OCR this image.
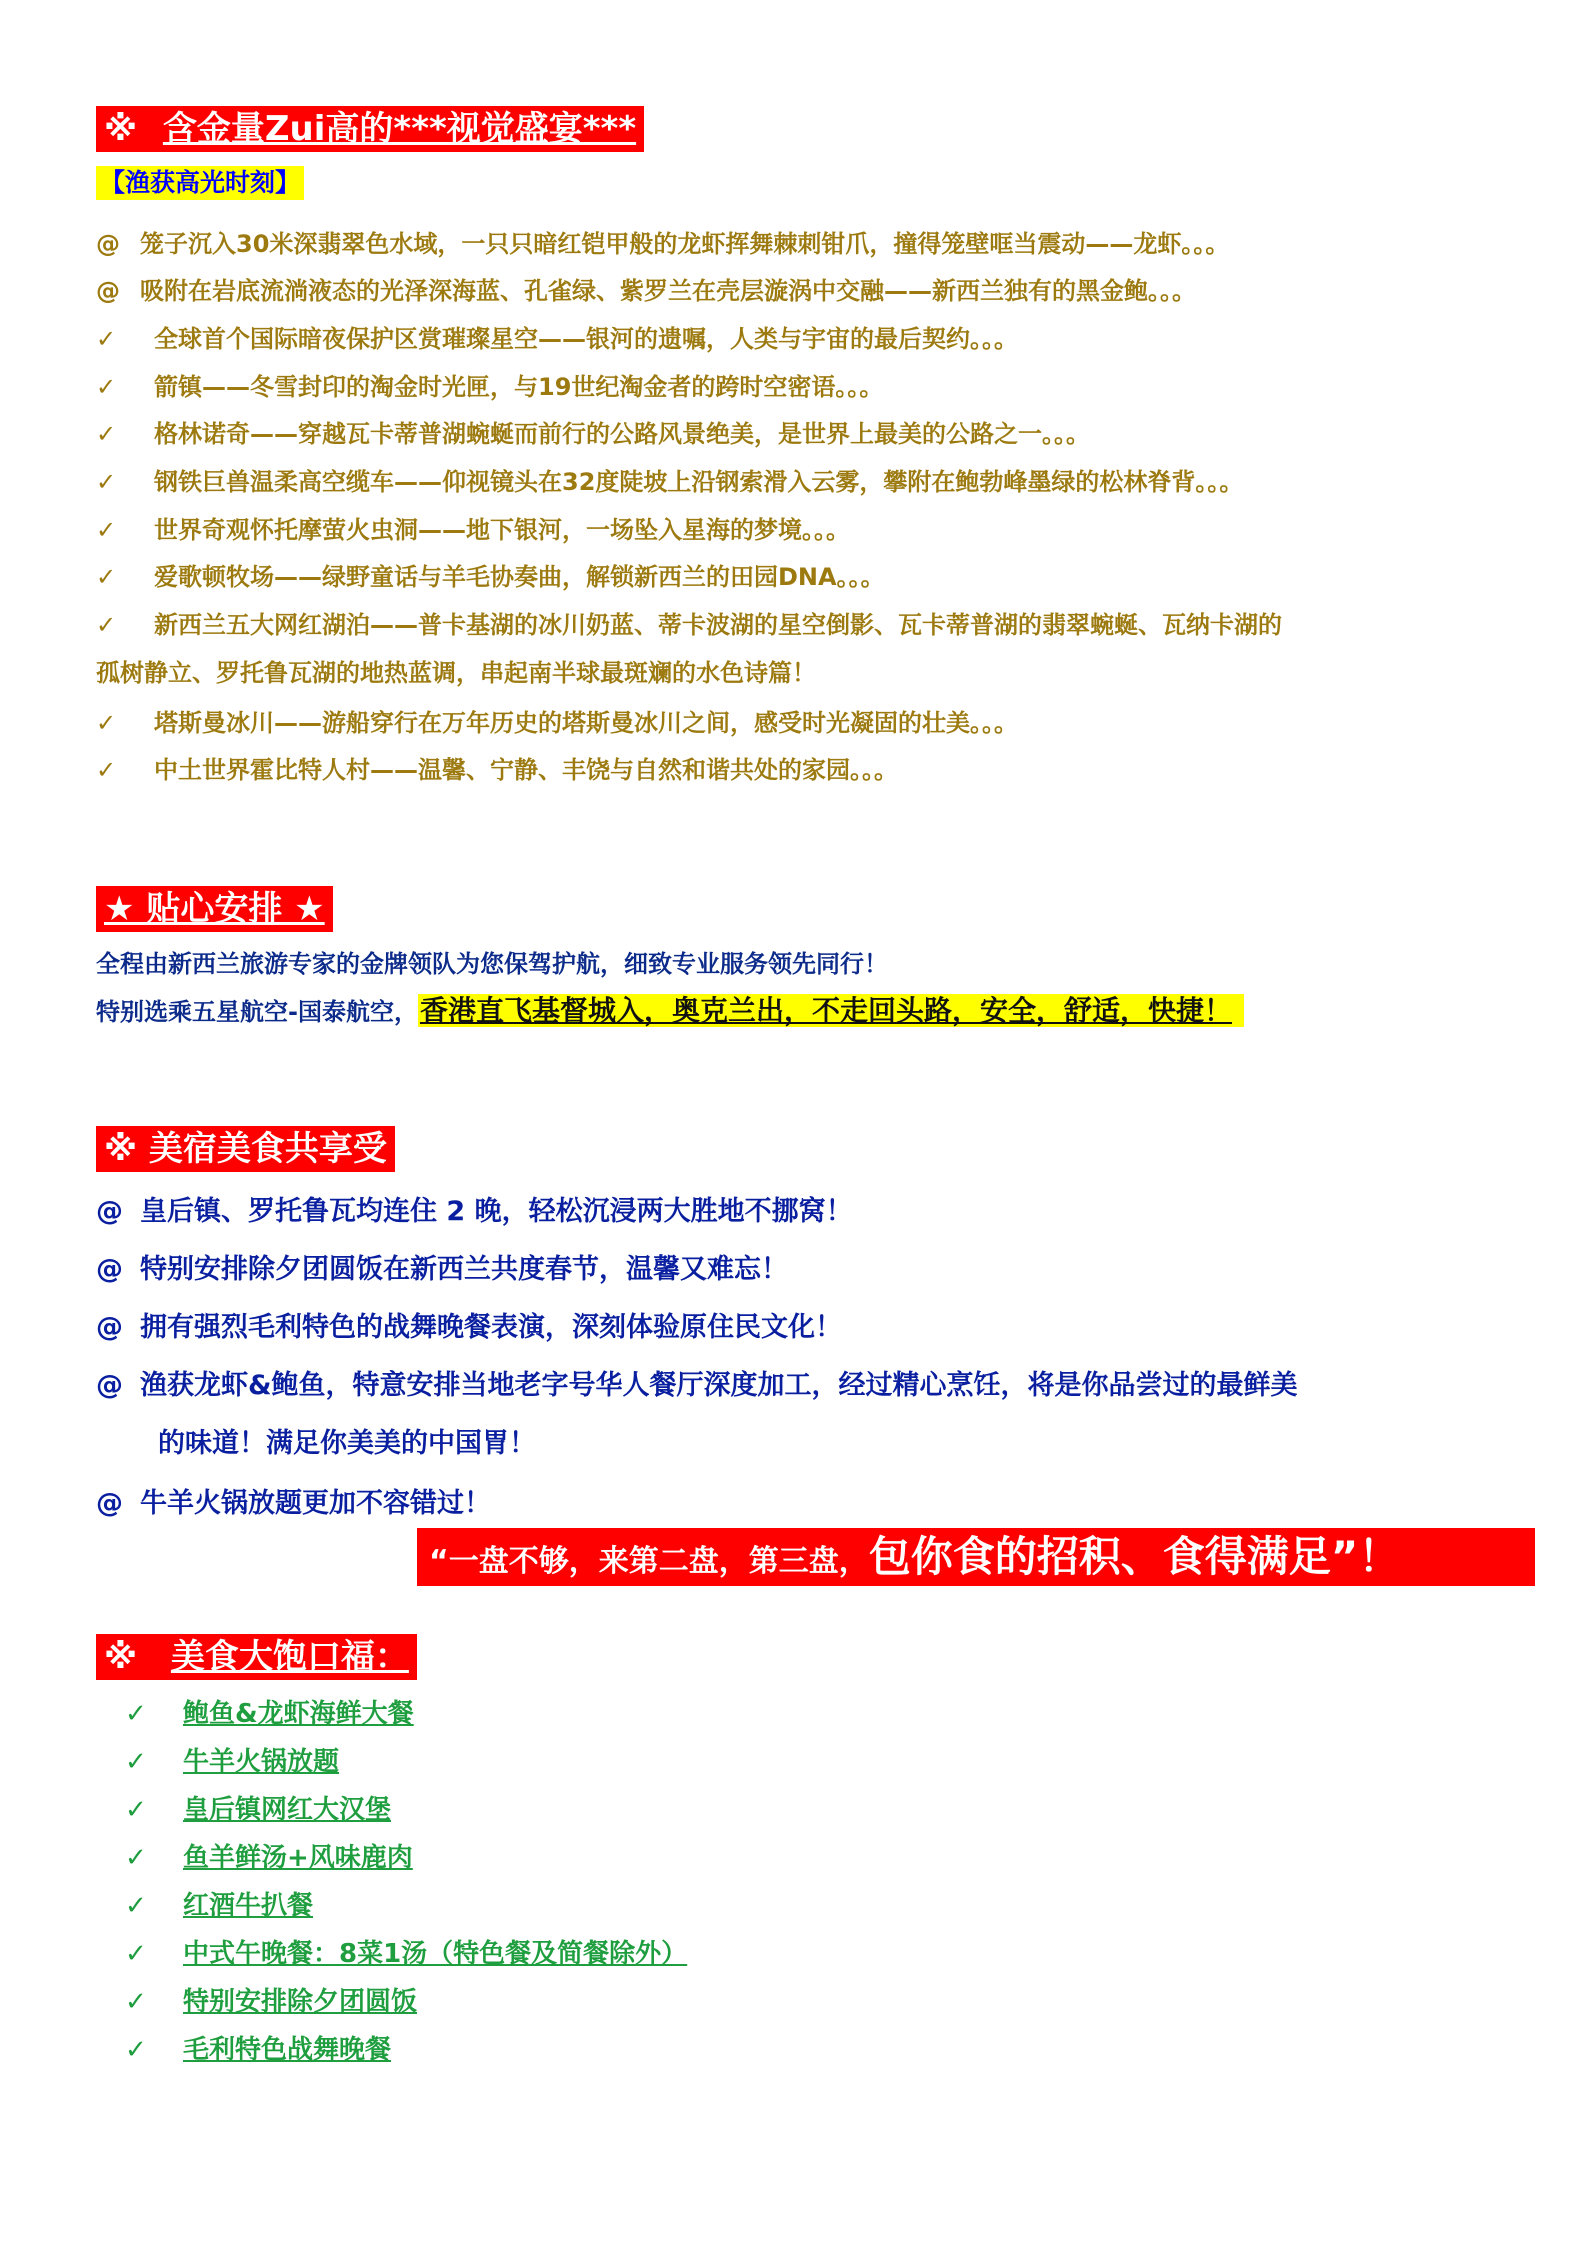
※ 含金量Zui高的***视觉盛宴***
【渔获高光时刻】
@ 笼子沉入30米深翡翠色水域，一只只暗红铠甲般的龙虾挥舞棘刺钳爪，撞得笼壁哐当震动——龙虾。。。
@ 吸附在岩底流淌液态的光泽深海蓝、孔雀绿、紫罗兰在壳层漩涡中交融——新西兰独有的黑金鲍。。。
✓ 全球首个国际暗夜保护区赏璀璨星空——银河的遗嘱，人类与宇宙的最后契约。。。
✓ 箭镇——冬雪封印的淘金时光匣，与19世纪淘金者的跨时空密语。。。
✓ 格林诺奇——穿越瓦卡蒂普湖蜿蜒而前行的公路风景绝美，是世界上最美的公路之一。。。
✓ 钢铁巨兽温柔高空缆车——仰视镜头在32度陡坡上沿钢索滑入云雾，攀附在鲍勃峰墨绿的松林脊背。。。
✓ 世界奇观怀托摩萤火虫洞——地下银河，一场坠入星海的梦境。。。
✓ 爱歌顿牧场——绿野童话与羊毛协奏曲，解锁新西兰的田园DNA。。。
✓ 新西兰五大网红湖泊——普卡基湖的冰川奶蓝、蒂卡波湖的星空倒影、瓦卡蒂普湖的翡翠蜿蜒、瓦纳卡湖的
孤树静立、罗托鲁瓦湖的地热蓝调，串起南半球最斑斓的水色诗篇！
✓ 塔斯曼冰川——游船穿行在万年历史的塔斯曼冰川之间，感受时光凝固的壮美。。。
✓ 中土世界霍比特人村——温馨、宁静、丰饶与自然和谐共处的家园。。。
★ 贴心安排 ★
全程由新西兰旅游专家的金牌领队为您保驾护航，细致专业服务领先同行！
特别选乘五星航空-国泰航空，香港直飞基督城入，奥克兰出，不走回头路，安全，舒适，快捷！
※ 美宿美食共享受
@ 皇后镇、罗托鲁瓦均连住 2 晚，轻松沉浸两大胜地不挪窝！
@ 特别安排除夕团圆饭在新西兰共度春节，温馨又难忘！
@ 拥有强烈毛利特色的战舞晚餐表演，深刻体验原住民文化！
@ 渔获龙虾&鲍鱼，特意安排当地老字号华人餐厅深度加工，经过精心烹饪，将是你品尝过的最鲜美
的味道！满足你美美的中国胃！
@ 牛羊火锅放题更加不容错过！
“一盘不够，来第二盘，第三盘，包你食的招积、食得满足”！
※ 美食大饱口福：
✓ 鲍鱼&龙虾海鲜大餐
✓ 牛羊火锅放题
✓ 皇后镇网红大汉堡
✓ 鱼羊鲜汤+风味鹿肉
✓ 红酒牛扒餐
✓ 中式午晚餐：8菜1汤（特色餐及简餐除外）
✓ 特别安排除夕团圆饭
✓ 毛利特色战舞晚餐
